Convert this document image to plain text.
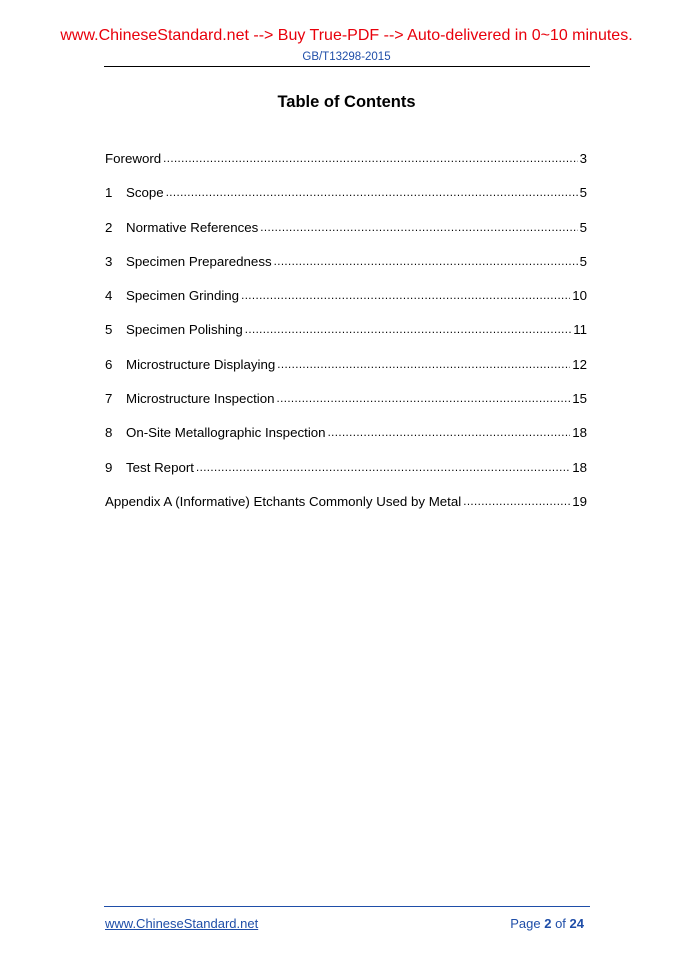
www.ChineseStandard.net --> Buy True-PDF --> Auto-delivered in 0~10 minutes.
GB/T13298-2015
Table of Contents
Foreword .....	3
1	Scope .....	5
2	Normative References .....	5
3	Specimen Preparedness .....	5
4	Specimen Grinding .....	10
5	Specimen Polishing .....	11
6	Microstructure Displaying .....	12
7	Microstructure Inspection .....	15
8	On-Site Metallographic Inspection .....	18
9	Test Report .....	18
Appendix A (Informative) Etchants Commonly Used by Metal .....	19
www.ChineseStandard.net	Page 2 of 24
